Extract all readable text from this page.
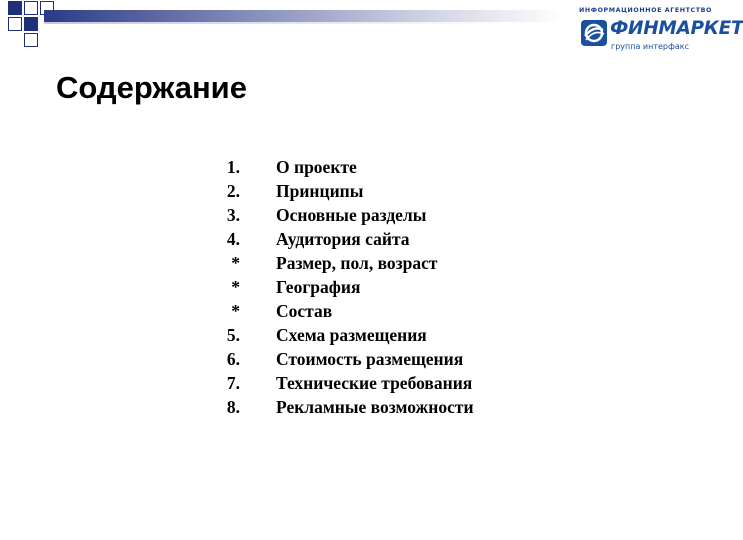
ИНФОРМАЦИОННОЕ АГЕНТСТВО
ФИНМАРКЕТ
группа интерфакс
Содержание
1. О проекте
2. Принципы
3. Основные разделы
4. Аудитория сайта
* Размер, пол, возраст
* География
* Состав
5. Схема размещения
6. Стоимость размещения
7. Технические требования
8. Рекламные возможности
